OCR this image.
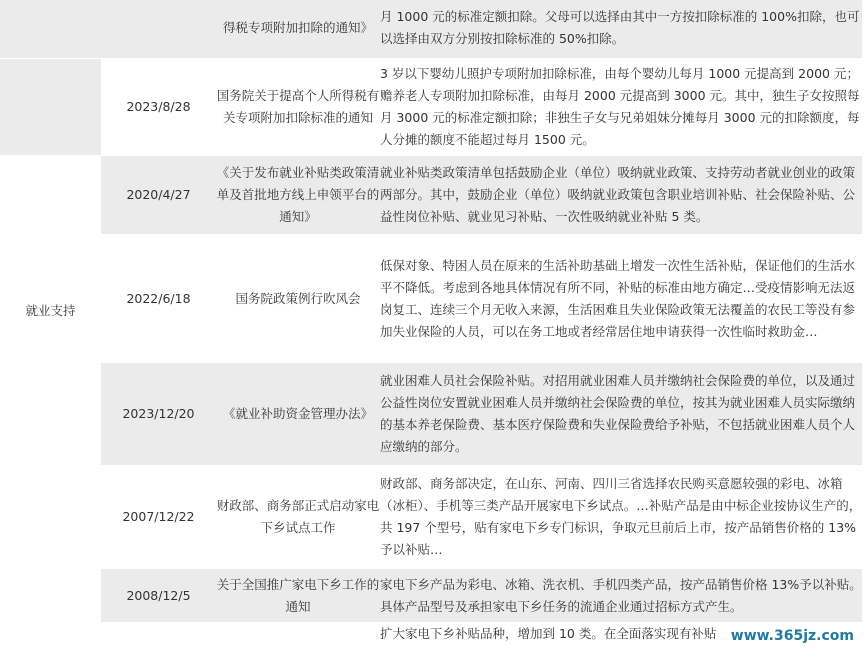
		得税专项附加扣除的通知》	月 1000 元的标准定额扣除。父母可以选择由其中一方按扣除标准的 100%扣除，也可以选择由双方分别按扣除标准的 50%扣除。
	2023/8/28	国务院关于提高个人所得税有关专项附加扣除标准的通知	3 岁以下婴幼儿照护专项附加扣除标准，由每个婴幼儿每月 1000 元提高到 2000 元；赡养老人专项附加扣除标准，由每月 2000 元提高到 3000 元。其中，独生子女按照每月 3000 元的标准定额扣除；非独生子女与兄弟姐妹分摊每月 3000 元的扣除额度，每人分摊的额度不能超过每月 1500 元。
就业支持	2020/4/27	《关于发布就业补贴类政策清单及首批地方线上申领平台的通知》	就业补贴类政策清单包括鼓励企业（单位）吸纳就业政策、支持劳动者就业创业的政策两部分。其中，鼓励企业（单位）吸纳就业政策包含职业培训补贴、社会保险补贴、公益性岗位补贴、就业见习补贴、一次性吸纳就业补贴 5 类。
	2022/6/18	国务院政策例行吹风会	低保对象、特困人员在原来的生活补助基础上增发一次性生活补贴，保证他们的生活水平不降低。考虑到各地具体情况有所不同，补贴的标准由地方确定…受疫情影响无法返岗复工、连续三个月无收入来源，生活困难且失业保险政策无法覆盖的农民工等没有参加失业保险的人员，可以在务工地或者经常居住地申请获得一次性临时救助金…
	2023/12/20	《就业补助资金管理办法》	就业困难人员社会保险补贴。对招用就业困难人员并缴纳社会保险费的单位，以及通过公益性岗位安置就业困难人员并缴纳社会保险费的单位，按其为就业困难人员实际缴纳的基本养老保险费、基本医疗保险费和失业保险费给予补贴，不包括就业困难人员个人应缴纳的部分。
	2007/12/22	财政部、商务部正式启动家电下乡试点工作	财政部、商务部决定，在山东、河南、四川三省选择农民购买意愿较强的彩电、冰箱（冰柜）、手机等三类产品开展家电下乡试点。…补贴产品是由中标企业按协议生产的，共 197 个型号，贴有家电下乡专门标识，争取元旦前后上市，按产品销售价格的 13%予以补贴…
	2008/12/5	关于全国推广家电下乡工作的通知	家电下乡产品为彩电、冰箱、洗衣机、手机四类产品，按产品销售价格 13%予以补贴。具体产品型号及承担家电下乡任务的流通企业通过招标方式产生。
			扩大家电下乡补贴品种，增加到 10 类。在全面落实现有补贴 www.365jz.com
